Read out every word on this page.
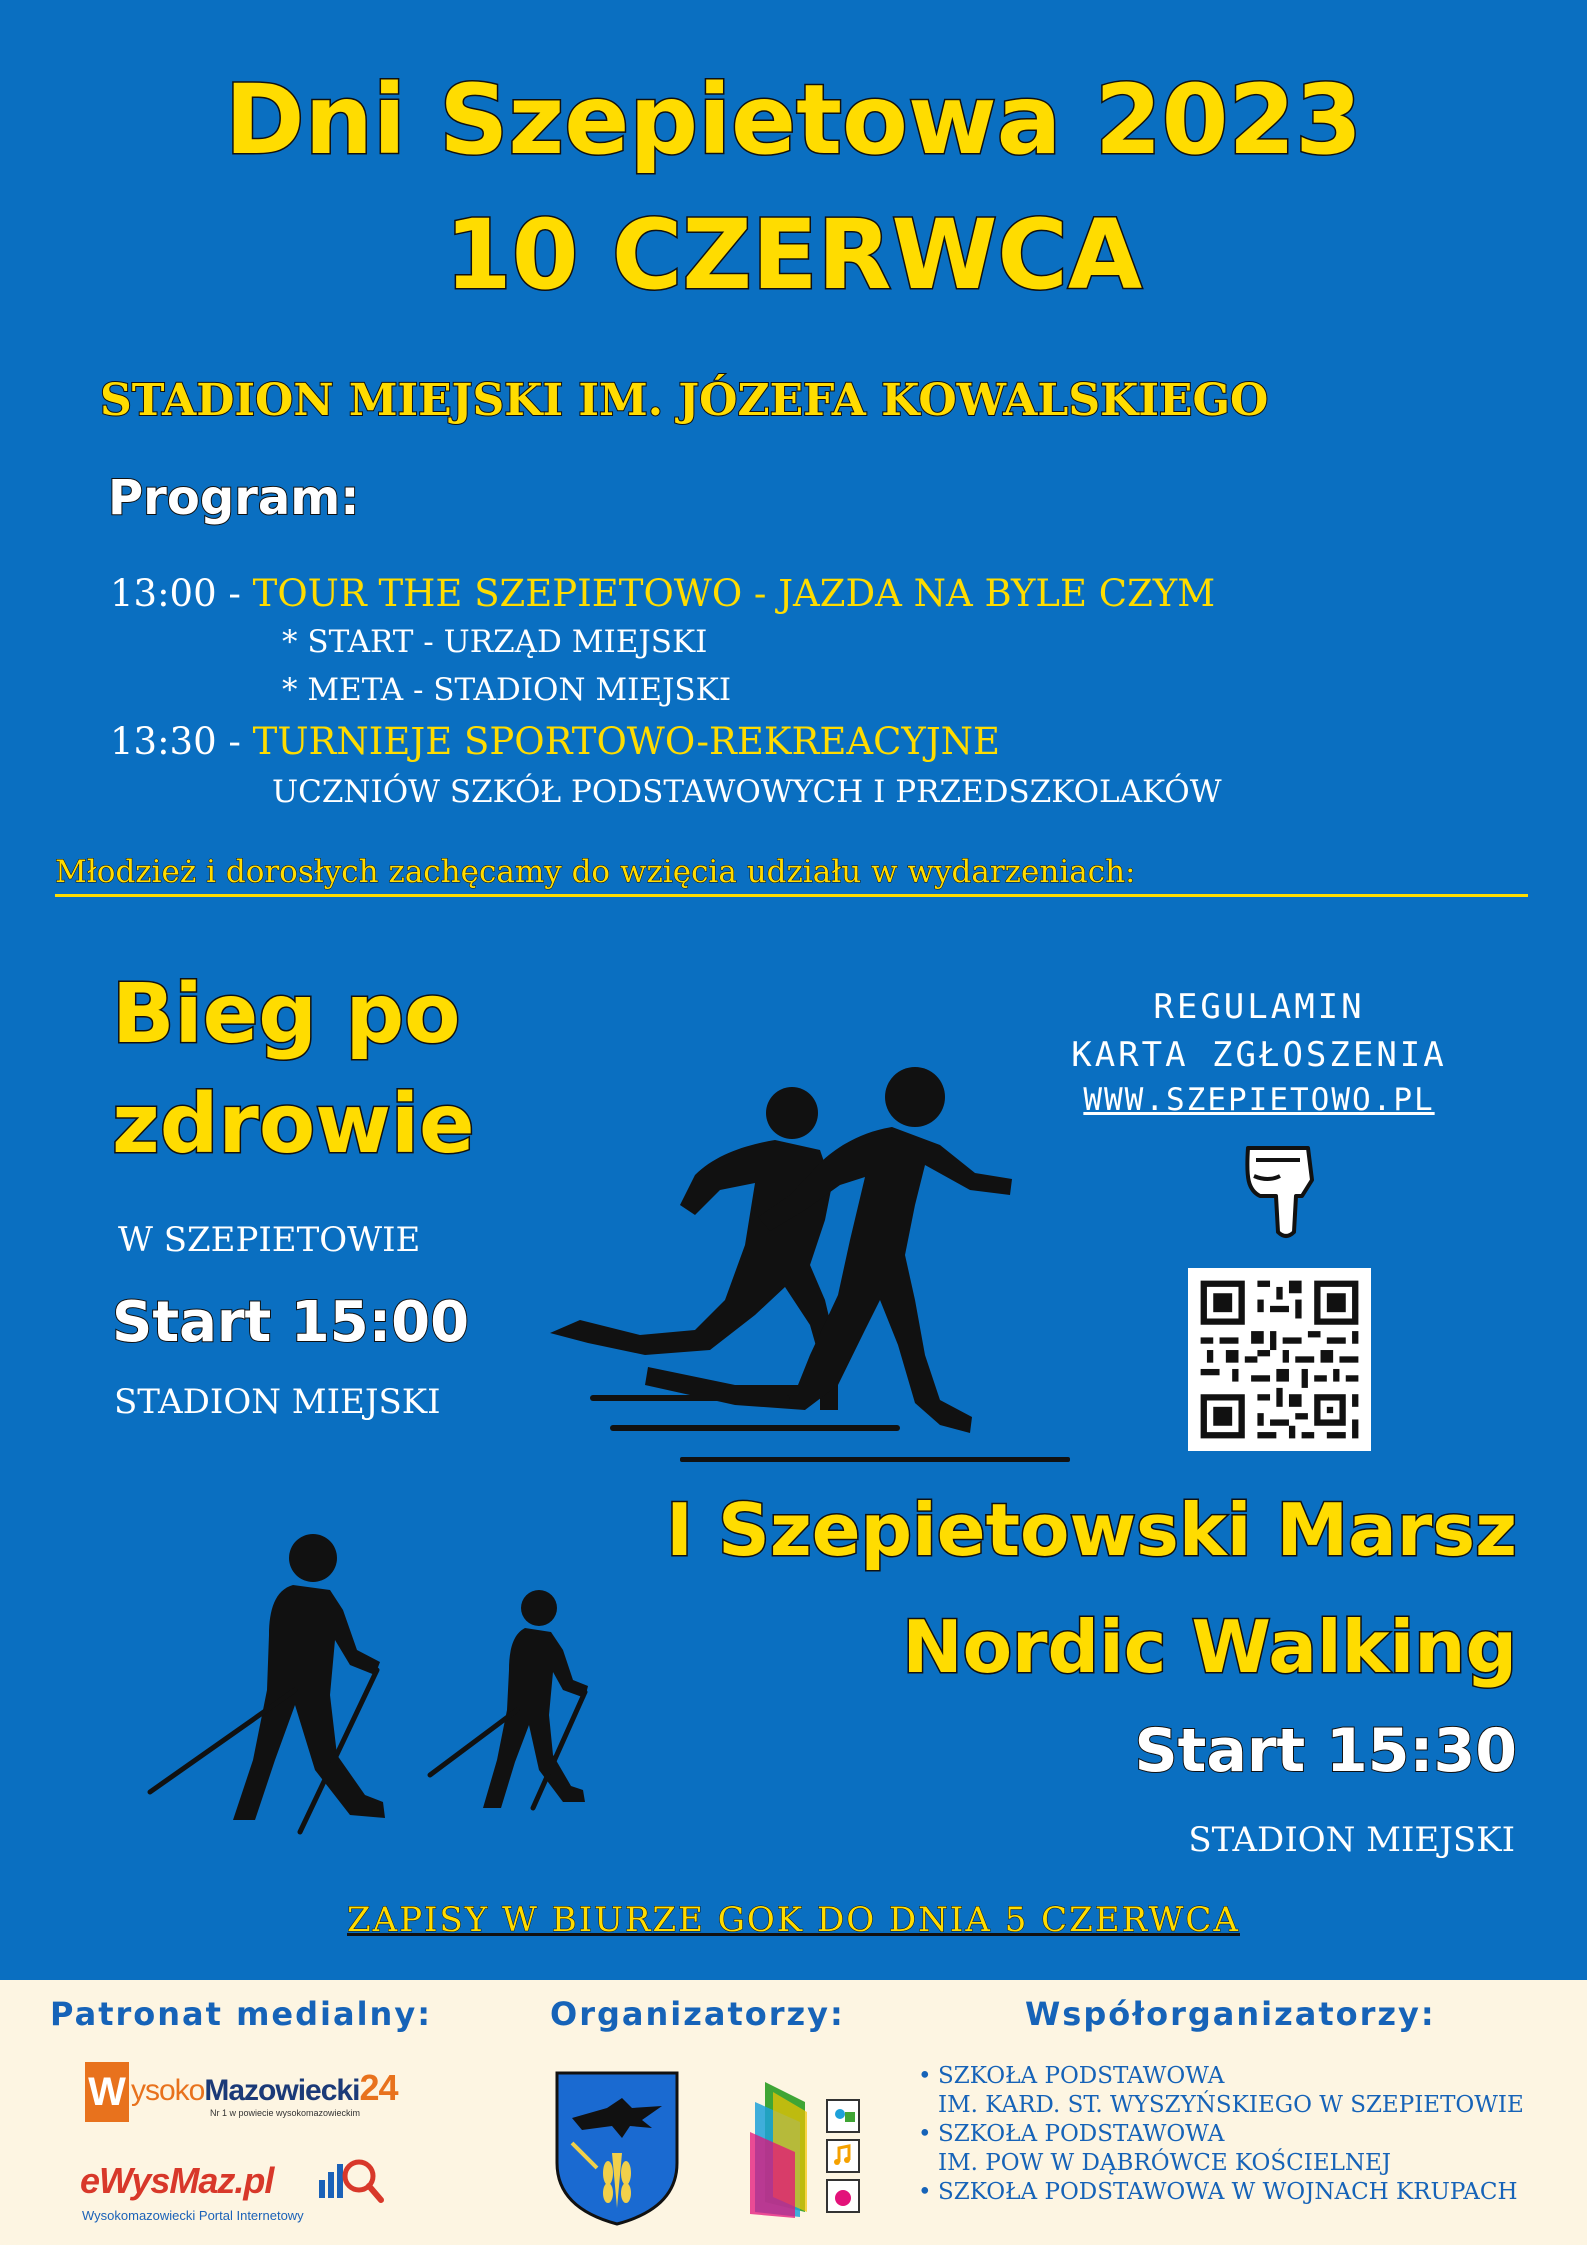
Dni Szepietowa 2023
10 CZERWCA
STADION MIEJSKI IM. JÓZEFA KOWALSKIEGO
Program:
13:00 - TOUR THE SZEPIETOWO - JAZDA NA BYLE CZYM
* START - URZĄD MIEJSKI
* META - STADION MIEJSKI
13:30 - TURNIEJE SPORTOWO-REKREACYJNE
UCZNIÓW SZKÓŁ PODSTAWOWYCH I PRZEDSZKOLAKÓW
Młodzież i dorosłych zachęcamy do wzięcia udziału w wydarzeniach:
Bieg po
zdrowie
W SZEPIETOWIE
Start 15:00
STADION MIEJSKI
REGULAMIN
KARTA ZGŁOSZENIA
WWW.SZEPIETOWO.PL
I Szepietowski Marsz
Nordic Walking
Start 15:30
STADION MIEJSKI
ZAPISY W BIURZE GOK DO DNIA 5 CZERWCA
Patronat medialny:	Organizatorzy:	Współorganizatorzy:
W ysokoMazowiecki24
Nr 1 w powiecie wysokomazowieckim
eWysMaz.pl
Wysokomazowiecki Portal Internetowy
• SZKOŁA PODSTAWOWA
IM. KARD. ST. WYSZYŃSKIEGO W SZEPIETOWIE
• SZKOŁA PODSTAWOWA
IM. POW W DĄBRÓWCE KOŚCIELNEJ
• SZKOŁA PODSTAWOWA W WOJNACH KRUPACH
